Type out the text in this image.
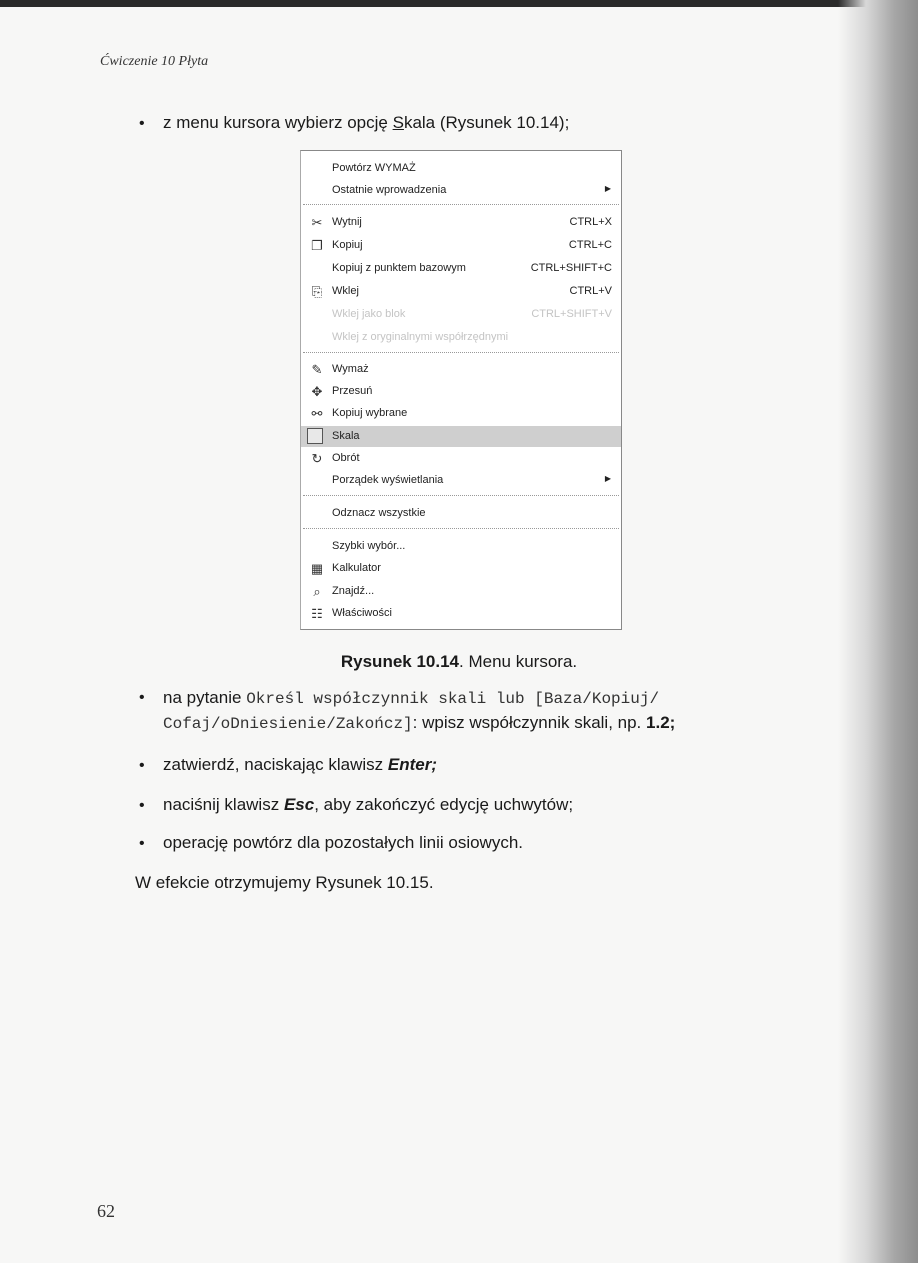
Ćwiczenie 10 Płyta
• z menu kursora wybierz opcję Skala (Rysunek 10.14);
Powtórz WYMAŻ
Ostatnie wprowadzenia	▶
✂ Wytnij	CTRL+X
❐ Kopiuj	CTRL+C
Kopiuj z punktem bazowym	CTRL+SHIFT+C
⎘ Wklej	CTRL+V
Wklej jako blok	CTRL+SHIFT+V
Wklej z oryginalnymi współrzędnymi
✎ Wymaż
✥ Przesuń
⚯ Kopiuj wybrane
Skala
↻ Obrót
Porządek wyświetlania	▶
Odznacz wszystkie
Szybki wybór...
▦ Kalkulator
⌕	Znajdź...
☷ Właściwości
Rysunek 10.14. Menu kursora.
• na pytanie Określ współczynnik skali lub [Baza/Kopiuj/
Cofaj/oDniesienie/Zakończ]: wpisz współczynnik skali, np. 1.2;
• zatwierdź, naciskając klawisz Enter;
• naciśnij klawisz Esc, aby zakończyć edycję uchwytów;
• operację powtórz dla pozostałych linii osiowych.
W efekcie otrzymujemy Rysunek 10.15.
62
